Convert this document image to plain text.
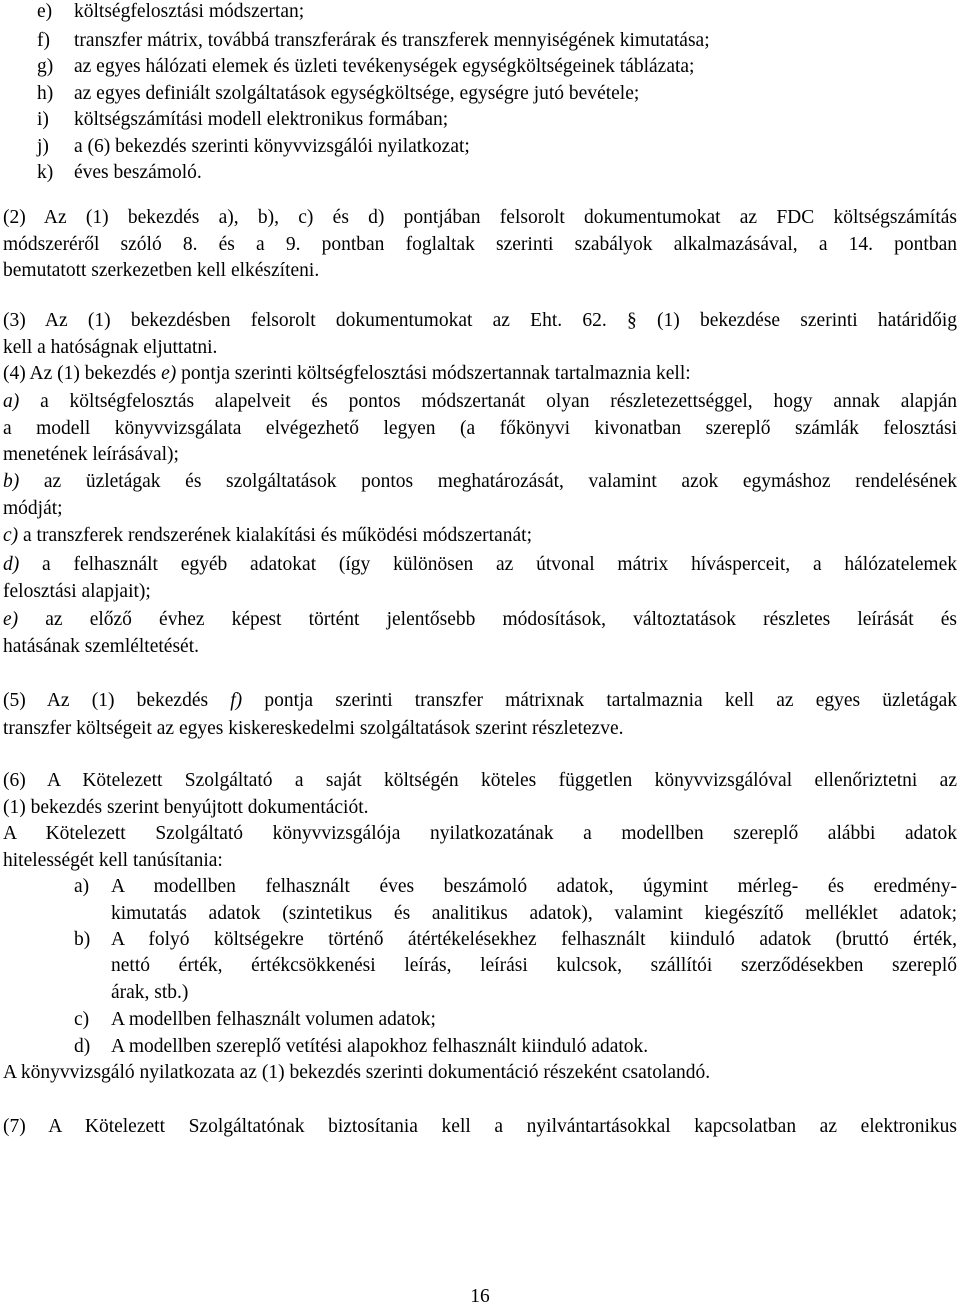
e) költségfelosztási módszertan;
f) transzfer mátrix, továbbá transzferárak és transzferek mennyiségének kimutatása;
g) az egyes hálózati elemek és üzleti tevékenységek egységköltségeinek táblázata;
h) az egyes definiált szolgáltatások egységköltsége, egységre jutó bevétele;
i) költségszámítási modell elektronikus formában;
j) a (6) bekezdés szerinti könyvvizsgálói nyilatkozat;
k) éves beszámoló.
(2) Az (1) bekezdés a), b), c) és d) pontjában felsorolt dokumentumokat az FDC költségszámítás
módszeréről szóló 8. és a 9. pontban foglaltak szerinti szabályok alkalmazásával, a 14. pontban
bemutatott szerkezetben kell elkészíteni.
(3) Az (1) bekezdésben felsorolt dokumentumokat az Eht. 62. § (1) bekezdése szerinti határidőig
kell a hatóságnak eljuttatni.
(4) Az (1) bekezdés e) pontja szerinti költségfelosztási módszertannak tartalmaznia kell:
a) a költségfelosztás alapelveit és pontos módszertanát olyan részletezettséggel, hogy annak alapján
a modell könyvvizsgálata elvégezhető legyen (a főkönyvi kivonatban szereplő számlák felosztási
menetének leírásával);
b) az üzletágak és szolgáltatások pontos meghatározását, valamint azok egymáshoz rendelésének
módját;
c) a transzferek rendszerének kialakítási és működési módszertanát;
d) a felhasznált egyéb adatokat (így különösen az útvonal mátrix hívásperceit, a hálózatelemek
felosztási alapjait);
e) az előző évhez képest történt jelentősebb módosítások, változtatások részletes leírását és
hatásának szemléltetését.
(5) Az (1) bekezdés f) pontja szerinti transzfer mátrixnak tartalmaznia kell az egyes üzletágak
transzfer költségeit az egyes kiskereskedelmi szolgáltatások szerint részletezve.
(6) A Kötelezett Szolgáltató a saját költségén köteles független könyvvizsgálóval ellenőriztetni az
(1) bekezdés szerint benyújtott dokumentációt.
A Kötelezett Szolgáltató könyvvizsgálója nyilatkozatának a modellben szereplő alábbi adatok
hitelességét kell tanúsítania:
a) A modellben felhasznált éves beszámoló adatok, úgymint mérleg- és eredmény-
kimutatás adatok (szintetikus és analitikus adatok), valamint kiegészítő melléklet adatok;
b) A folyó költségekre történő átértékelésekhez felhasznált kiinduló adatok (bruttó érték,
nettó érték, értékcsökkenési leírás, leírási kulcsok, szállítói szerződésekben szereplő
árak, stb.)
c) A modellben felhasznált volumen adatok;
d) A modellben szereplő vetítési alapokhoz felhasznált kiinduló adatok.
A könyvvizsgáló nyilatkozata az (1) bekezdés szerinti dokumentáció részeként csatolandó.
(7) A Kötelezett Szolgáltatónak biztosítania kell a nyilvántartásokkal kapcsolatban az elektronikus
16
